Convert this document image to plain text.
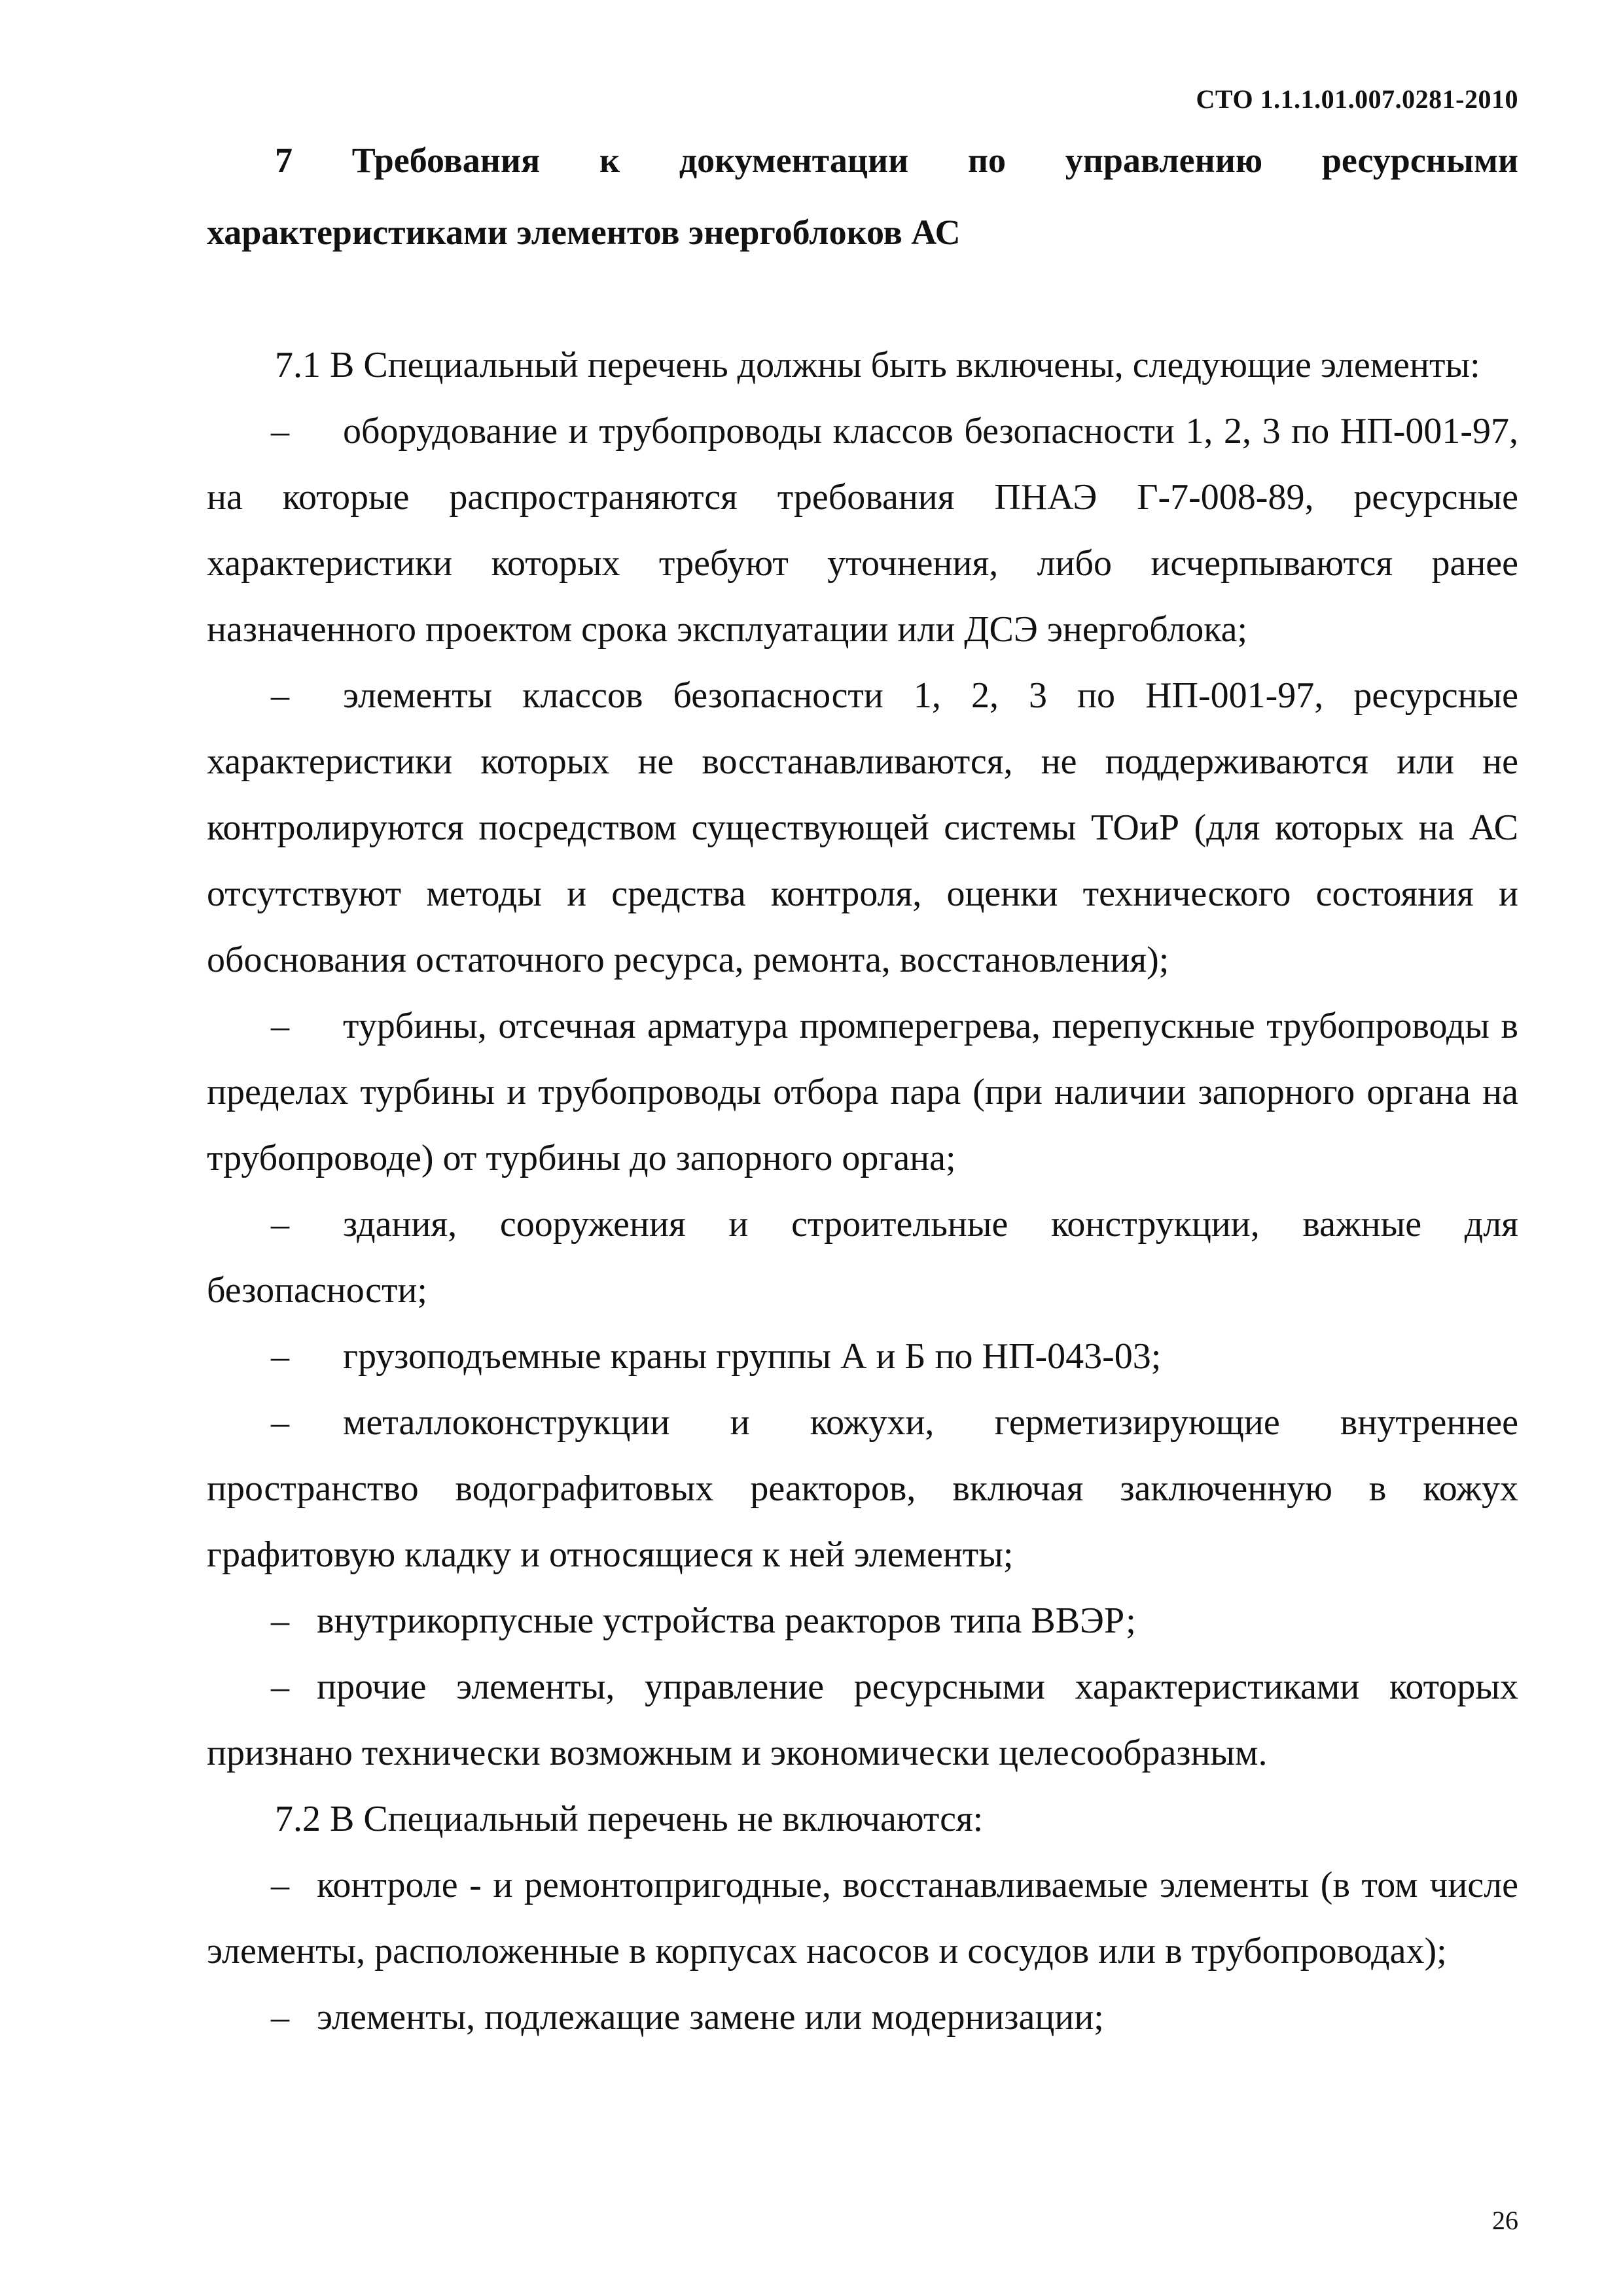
СТО 1.1.1.01.007.0281-2010
7 Требования к документации по управлению ресурсными
характеристиками элементов энергоблоков АС

7.1 В Специальный перечень должны быть включены, следующие элементы:

– оборудование и трубопроводы классов безопасности 1, 2, 3 по НП-001-97, на которые распространяются требования ПНАЭ Г-7-008-89, ресурсные характеристики которых требуют уточнения, либо исчерпываются ранее назначенного проектом срока эксплуатации или ДСЭ энергоблока;

– элементы классов безопасности 1, 2, 3 по НП-001-97, ресурсные характеристики которых не восстанавливаются, не поддерживаются или не контролируются посредством существующей системы ТОиР (для которых на АС отсутствуют методы и средства контроля, оценки технического состояния и обоснования остаточного ресурса, ремонта, восстановления);

– турбины, отсечная арматура промперегрева, перепускные трубопроводы в пределах турбины и трубопроводы отбора пара (при наличии запорного органа на трубопроводе) от турбины до запорного органа;

– здания, сооружения и строительные конструкции, важные для безопасности;

– грузоподъемные краны группы А и Б по НП-043-03;

– металлоконструкции и кожухи, герметизирующие внутреннее пространство водографитовых реакторов, включая заключенную в кожух графитовую кладку и относящиеся к ней элементы;

– внутрикорпусные устройства реакторов типа ВВЭР;

– прочие элементы, управление ресурсными характеристиками которых признано технически возможным и экономически целесообразным.

7.2 В Специальный перечень не включаются:

– контроле - и ремонтопригодные, восстанавливаемые элементы (в том числе элементы, расположенные в корпусах насосов и сосудов или в трубопроводах);

– элементы, подлежащие замене или модернизации;

26
